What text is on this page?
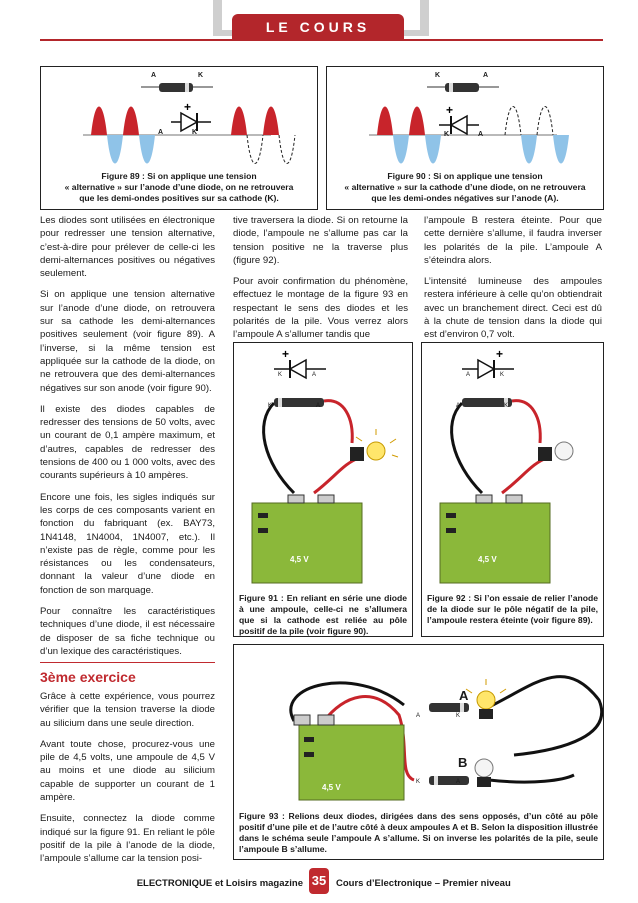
LE COURS
+
A	K
A	K
Figure 89 : Si on applique une tension
« alternative » sur l’anode d’une diode, on ne retrouvera
que les demi-ondes positives sur sa cathode (K).
+
K	A
K	A
Figure 90 : Si on applique une tension
« alternative » sur la cathode d’une diode, on ne retrouvera
que les demi-ondes négatives sur l’anode (A).

Les diodes sont utilisées en électronique pour redresser une tension alternative, c’est-à-dire pour prélever de celle-ci les demi-alternances positives ou négatives seulement.

Si on applique une tension alternative sur l’anode d’une diode, on retrouvera sur sa cathode les demi-alternances positives seulement (voir figure 89). A l’inverse, si la même tension est appliquée sur la cathode de la diode, on ne retrouvera que des demi-alternances négatives sur son anode (voir figure 90).

Il existe des diodes capables de redresser des tensions de 50 volts, avec un courant de 0,1 ampère maximum, et d’autres, capables de redresser des tensions de 400 ou 1 000 volts, avec des courants supérieurs à 10 ampères.

Encore une fois, les sigles indiqués sur les corps de ces composants varient en fonction du fabriquant (ex. BAY73, 1N4148, 1N4004, 1N4007, etc.). Il n’existe pas de règle, comme pour les résistances ou les condensateurs, donnant la valeur d’une diode en fonction de son marquage.

Pour connaître les caractéristiques techniques d’une diode, il est nécessaire de disposer de sa fiche technique ou d’un lexique des caractéristiques.

3ème exercice

Grâce à cette expérience, vous pourrez vérifier que la tension traverse la diode au silicium dans une seule direction.

Avant toute chose, procurez-vous une pile de 4,5 volts, une ampoule de 4,5 V au moins et une diode au silicium capable de supporter un courant de 1 ampère.

Ensuite, connectez la diode comme indiqué sur la figure 91. En reliant le pôle positif de la pile à l’anode de la diode, l’ampoule s’allume car la tension posi-

tive traversera la diode. Si on retourne la diode, l’ampoule ne s’allume pas car la tension positive ne la traverse plus (figure 92).

Pour avoir confirmation du phénomène, effectuez le montage de la figure 93 en respectant le sens des diodes et les polarités de la pile. Vous verrez alors l’ampoule A s’allumer tandis que

l’ampoule B restera éteinte. Pour que cette dernière s’allume, il faudra inverser les polarités de la pile. L’ampoule A s’éteindra alors.

L’intensité lumineuse des ampoules restera inférieure à celle qu’on obtiendrait avec un branchement direct. Ceci est dû à la chute de tension dans la diode qui est d’environ 0,7 volt.

+
K	A
K	A
4,5 V
Figure 91 : En reliant en série une diode à une ampoule, celle-ci ne s’allumera que si la cathode est reliée au pôle positif de la pile (voir figure 90).
+
A	K
A	K
4,5 V
Figure 92 : Si l’on essaie de relier l’anode de la diode sur le pôle négatif de la pile, l’ampoule restera éteinte (voir figure 89).
A
B
A	K
K	A
4,5 V
Figure 93 : Relions deux diodes, dirigées dans des sens opposés, d’un côté au pôle positif d’une pile et de l’autre côté à deux ampoules A et B. Selon la disposition illustrée dans le schéma seule l’ampoule A s’allume. Si on inverse les polarités de la pile, seule l’ampoule B s’allume.
ELECTRONIQUE et Loisirs magazine 35 Cours d’Electronique – Premier niveau
